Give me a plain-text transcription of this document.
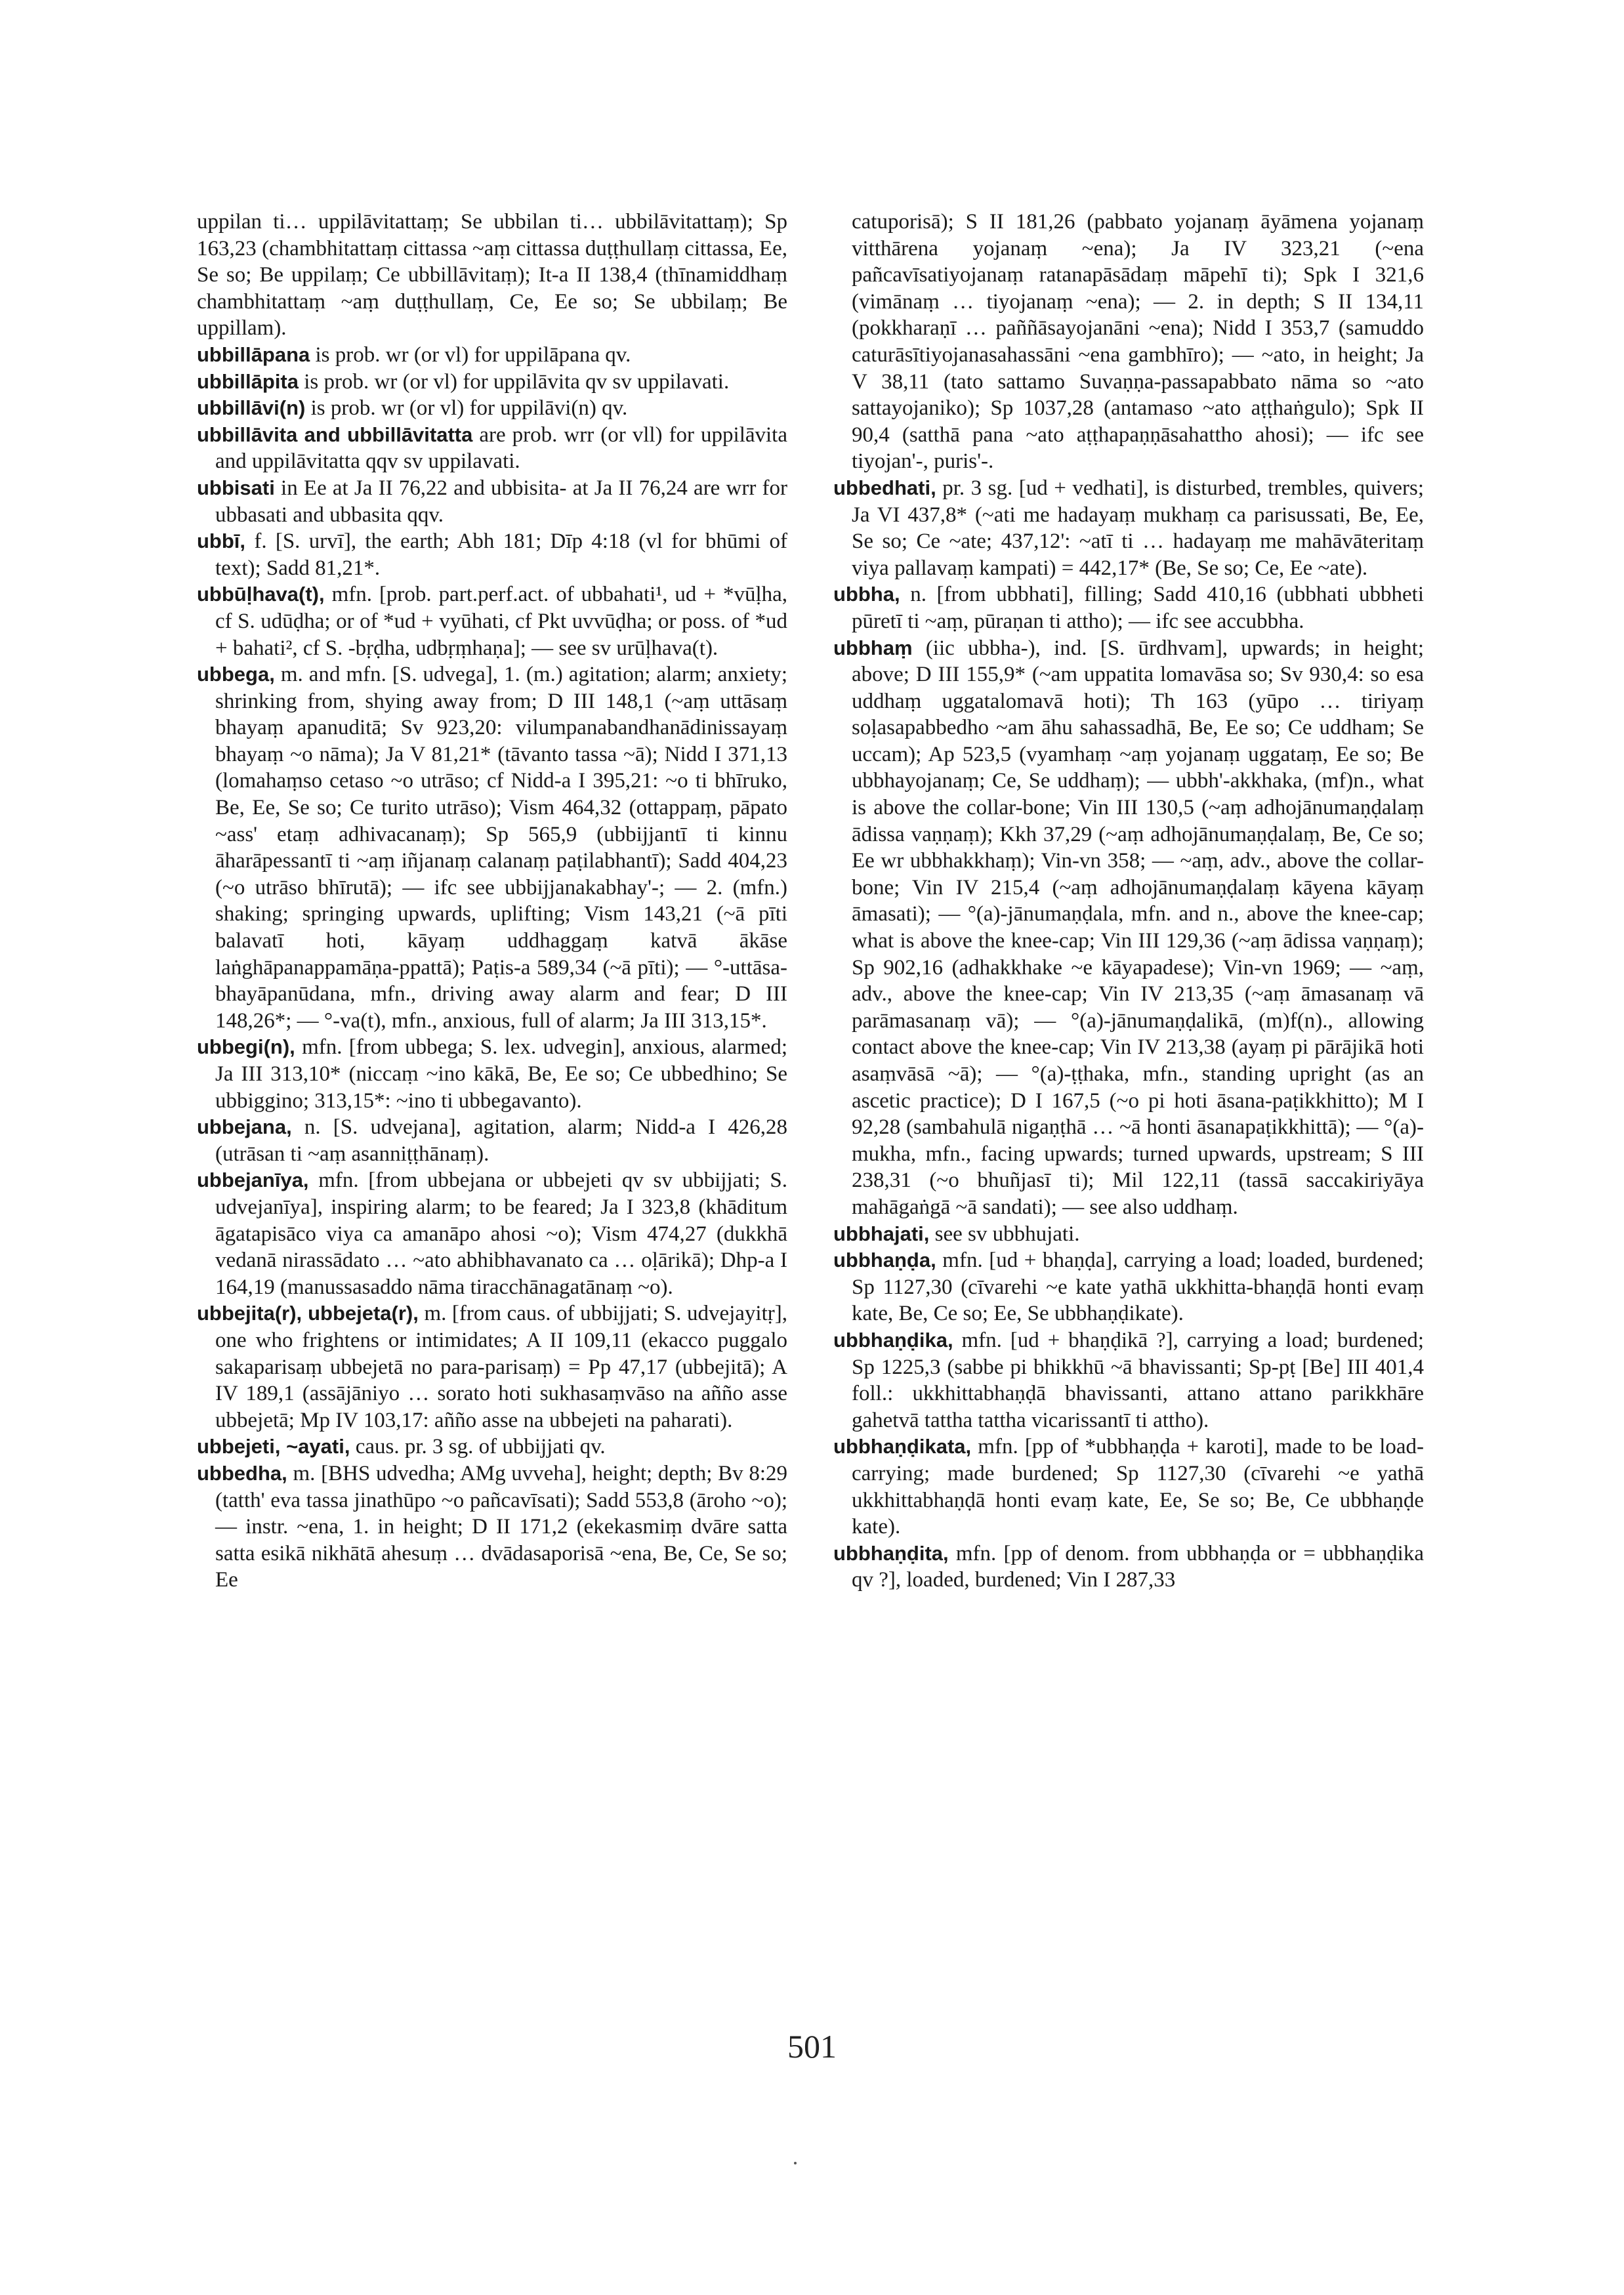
uppilan ti… uppilāvitattaṃ; Se ubbilan ti… ubbilāvitattaṃ); Sp 163,23 (chambhitattaṃ cittassa ~aṃ cittassa duṭṭhullaṃ cittassa, Ee, Se so; Be uppilaṃ; Ce ubbillāvitaṃ); It-a II 138,4 (thīnamiddhaṃ chambhitattaṃ ~aṃ duṭṭhullaṃ, Ce, Ee so; Se ubbilaṃ; Be uppillam).

ubbillāpana is prob. wr (or vl) for uppilāpana qv.

ubbillāpita is prob. wr (or vl) for uppilāvita qv sv uppilavati.

ubbillāvi(n) is prob. wr (or vl) for uppilāvi(n) qv.

ubbillāvita and ubbillāvitatta are prob. wrr (or vll) for uppilāvita and uppilāvitatta qqv sv uppilavati.

ubbisati in Ee at Ja II 76,22 and ubbisita- at Ja II 76,24 are wrr for ubbasati and ubbasita qqv.

ubbī, f. [S. urvī], the earth; Abh 181; Dīp 4:18 (vl for bhūmi of text); Sadd 81,21*.

ubbūḷhava(t), mfn. [prob. part.perf.act. of ubbahati¹, ud + *vūḷha, cf S. udūḍha; or of *ud + vyūhati, cf Pkt uvvūḍha; or poss. of *ud + bahati², cf S. -bṛḍha, udbṛṃhaṇa]; — see sv urūḷhava(t).

ubbega, m. and mfn. [S. udvega], 1. (m.) agitation; alarm; anxiety; shrinking from, shying away from; D III 148,1 (~aṃ uttāsaṃ bhayaṃ apanuditā; Sv 923,20: vilumpanabandhanādinissayaṃ bhayaṃ ~o nāma); Ja V 81,21* (tāvanto tassa ~ā); Nidd I 371,13 (lomahaṃso cetaso ~o utrāso; cf Nidd-a I 395,21: ~o ti bhīruko, Be, Ee, Se so; Ce turito utrāso); Vism 464,32 (ottappaṃ, pāpato ~ass' etaṃ adhivacanaṃ); Sp 565,9 (ubbijjantī ti kinnu āharāpessantī ti ~aṃ iñjanaṃ calanaṃ paṭilabhantī); Sadd 404,23 (~o utrāso bhīrutā); — ifc see ubbijjanakabhay'-; — 2. (mfn.) shaking; springing upwards, uplifting; Vism 143,21 (~ā pīti balavatī hoti, kāyaṃ uddhaggaṃ katvā ākāse laṅghāpanappamāṇa-ppattā); Paṭis-a 589,34 (~ā pīti); — °-uttāsa-bhayāpanūdana, mfn., driving away alarm and fear; D III 148,26*; — °-va(t), mfn., anxious, full of alarm; Ja III 313,15*.

ubbegi(n), mfn. [from ubbega; S. lex. udvegin], anxious, alarmed; Ja III 313,10* (niccaṃ ~ino kākā, Be, Ee so; Ce ubbedhino; Se ubbiggino; 313,15*: ~ino ti ubbegavanto).

ubbejana, n. [S. udvejana], agitation, alarm; Nidd-a I 426,28 (utrāsan ti ~aṃ asanniṭṭhānaṃ).

ubbejanīya, mfn. [from ubbejana or ubbejeti qv sv ubbijjati; S. udvejanīya], inspiring alarm; to be feared; Ja I 323,8 (khāditum āgatapisāco viya ca amanāpo ahosi ~o); Vism 474,27 (dukkhā vedanā nirassādato … ~ato abhibhavanato ca … oḷārikā); Dhp-a I 164,19 (manussasaddo nāma tiracchānagatānaṃ ~o).

ubbejita(r), ubbejeta(r), m. [from caus. of ubbijjati; S. udvejayitṛ], one who frightens or intimidates; A II 109,11 (ekacco puggalo sakaparisaṃ ubbejetā no para-parisaṃ) = Pp 47,17 (ubbejitā); A IV 189,1 (assājāniyo … sorato hoti sukhasaṃvāso na añño asse ubbejetā; Mp IV 103,17: añño asse na ubbejeti na paharati).

ubbejeti, ~ayati, caus. pr. 3 sg. of ubbijjati qv.

ubbedha, m. [BHS udvedha; AMg uvveha], height; depth; Bv 8:29 (tatth' eva tassa jinathūpo ~o pañcavīsati); Sadd 553,8 (āroho ~o); — instr. ~ena, 1. in height; D II 171,2 (ekekasmiṃ dvāre satta satta esikā nikhātā ahesuṃ … dvādasaporisā ~ena, Be, Ce, Se so; Ee

catuporisā); S II 181,26 (pabbato yojanaṃ āyāmena yojanaṃ vitthārena yojanaṃ ~ena); Ja IV 323,21 (~ena pañcavīsatiyojanaṃ ratanapāsādaṃ māpehī ti); Spk I 321,6 (vimānaṃ … tiyojanaṃ ~ena); — 2. in depth; S II 134,11 (pokkharaṇī … paññāsayojanāni ~ena); Nidd I 353,7 (samuddo caturāsītiyojanasahassāni ~ena gambhīro); — ~ato, in height; Ja V 38,11 (tato sattamo Suvaṇṇa-passapabbato nāma so ~ato sattayojaniko); Sp 1037,28 (antamaso ~ato aṭṭhaṅgulo); Spk II 90,4 (satthā pana ~ato aṭṭhapaṇṇāsahattho ahosi); — ifc see tiyojan'-, puris'-.

ubbedhati, pr. 3 sg. [ud + vedhati], is disturbed, trembles, quivers; Ja VI 437,8* (~ati me hadayaṃ mukhaṃ ca parisussati, Be, Ee, Se so; Ce ~ate; 437,12': ~atī ti … hadayaṃ me mahāvāteritaṃ viya pallavaṃ kampati) = 442,17* (Be, Se so; Ce, Ee ~ate).

ubbha, n. [from ubbhati], filling; Sadd 410,16 (ubbhati ubbheti pūretī ti ~aṃ, pūraṇan ti attho); — ifc see accubbha.

ubbhaṃ (iic ubbha-), ind. [S. ūrdhvam], upwards; in height; above; D III 155,9* (~am uppatita lomavāsa so; Sv 930,4: so esa uddhaṃ uggatalomavā hoti); Th 163 (yūpo … tiriyaṃ soḷasapabbedho ~am āhu sahassadhā, Be, Ee so; Ce uddham; Se uccam); Ap 523,5 (vyamhaṃ ~aṃ yojanaṃ uggataṃ, Ee so; Be ubbhayojanaṃ; Ce, Se uddhaṃ); — ubbh'-akkhaka, (mf)n., what is above the collar-bone; Vin III 130,5 (~aṃ adhojānumaṇḍalaṃ ādissa vaṇṇaṃ); Kkh 37,29 (~aṃ adhojānumaṇḍalaṃ, Be, Ce so; Ee wr ubbhakkhaṃ); Vin-vn 358; — ~aṃ, adv., above the collar-bone; Vin IV 215,4 (~aṃ adhojānumaṇḍalaṃ kāyena kāyaṃ āmasati); — °(a)-jānumaṇḍala, mfn. and n., above the knee-cap; what is above the knee-cap; Vin III 129,36 (~aṃ ādissa vaṇṇaṃ); Sp 902,16 (adhakkhake ~e kāyapadese); Vin-vn 1969; — ~aṃ, adv., above the knee-cap; Vin IV 213,35 (~aṃ āmasanaṃ vā parāmasanaṃ vā); — °(a)-jānumaṇḍalikā, (m)f(n)., allowing contact above the knee-cap; Vin IV 213,38 (ayaṃ pi pārājikā hoti asaṃvāsā ~ā); — °(a)-ṭṭhaka, mfn., standing upright (as an ascetic practice); D I 167,5 (~o pi hoti āsana-paṭikkhitto); M I 92,28 (sambahulā nigaṇṭhā … ~ā honti āsanapaṭikkhittā); — °(a)-mukha, mfn., facing upwards; turned upwards, upstream; S III 238,31 (~o bhuñjasī ti); Mil 122,11 (tassā saccakiriyāya mahāgaṅgā ~ā sandati); — see also uddhaṃ.

ubbhajati, see sv ubbhujati.

ubbhaṇḍa, mfn. [ud + bhaṇḍa], carrying a load; loaded, burdened; Sp 1127,30 (cīvarehi ~e kate yathā ukkhitta-bhaṇḍā honti evaṃ kate, Be, Ce so; Ee, Se ubbhaṇḍikate).

ubbhaṇḍika, mfn. [ud + bhaṇḍikā ?], carrying a load; burdened; Sp 1225,3 (sabbe pi bhikkhū ~ā bhavissanti; Sp-pṭ [Be] III 401,4 foll.: ukkhittabhaṇḍā bhavissanti, attano attano parikkhāre gahetvā tattha tattha vicarissantī ti attho).

ubbhaṇḍikata, mfn. [pp of *ubbhaṇḍa + karoti], made to be load-carrying; made burdened; Sp 1127,30 (cīvarehi ~e yathā ukkhittabhaṇḍā honti evaṃ kate, Ee, Se so; Be, Ce ubbhaṇḍe kate).

ubbhaṇḍita, mfn. [pp of denom. from ubbhaṇḍa or = ubbhaṇḍika qv ?], loaded, burdened; Vin I 287,33

501
